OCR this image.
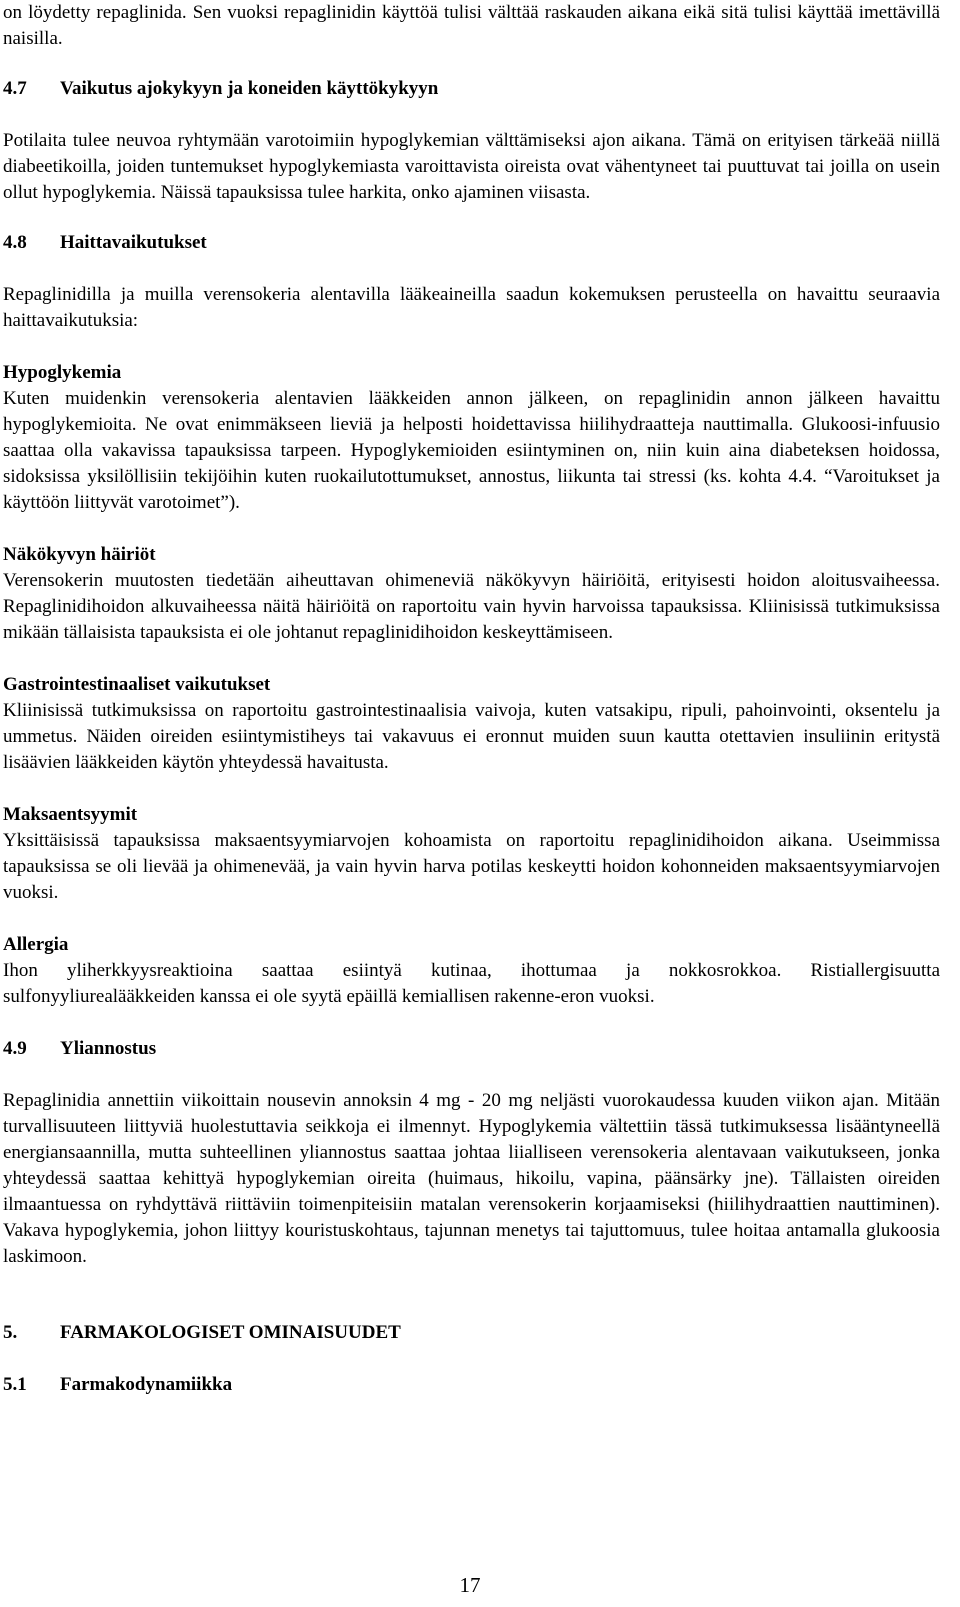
on löydetty repaglinida. Sen vuoksi repaglinidin käyttöä tulisi välttää raskauden aikana eikä sitä tulisi käyttää imettävillä naisilla.

4.7	Vaikutus ajokykyyn ja koneiden käyttökykyyn

Potilaita tulee neuvoa ryhtymään varotoimiin hypoglykemian välttämiseksi ajon aikana. Tämä on erityisen tärkeää niillä diabeetikoilla, joiden tuntemukset hypoglykemiasta varoittavista oireista ovat vähentyneet tai puuttuvat tai joilla on usein ollut hypoglykemia. Näissä tapauksissa tulee harkita, onko ajaminen viisasta.

4.8	Haittavaikutukset

Repaglinidilla ja muilla verensokeria alentavilla lääkeaineilla saadun kokemuksen perusteella on havaittu seuraavia haittavaikutuksia:

Hypoglykemia

Kuten muidenkin verensokeria alentavien lääkkeiden annon jälkeen, on repaglinidin annon jälkeen havaittu hypoglykemioita. Ne ovat enimmäkseen lieviä ja helposti hoidettavissa hiilihydraatteja nauttimalla. Glukoosi-infuusio saattaa olla vakavissa tapauksissa tarpeen. Hypoglykemioiden esiintyminen on, niin kuin aina diabeteksen hoidossa, sidoksissa yksilöllisiin tekijöihin kuten ruokailutottumukset, annostus, liikunta tai stressi (ks. kohta 4.4. “Varoitukset ja käyttöön liittyvät varotoimet”).

Näkökyvyn häiriöt

Verensokerin muutosten tiedetään aiheuttavan ohimeneviä näkökyvyn häiriöitä, erityisesti hoidon aloitusvaiheessa. Repaglinidihoidon alkuvaiheessa näitä häiriöitä on raportoitu vain hyvin harvoissa tapauksissa. Kliinisissä tutkimuksissa mikään tällaisista tapauksista ei ole johtanut repaglinidihoidon keskeyttämiseen.

Gastrointestinaaliset vaikutukset

Kliinisissä tutkimuksissa on raportoitu gastrointestinaalisia vaivoja, kuten vatsakipu, ripuli, pahoinvointi, oksentelu ja ummetus. Näiden oireiden esiintymistiheys tai vakavuus ei eronnut muiden suun kautta otettavien insuliinin eritystä lisäävien lääkkeiden käytön yhteydessä havaitusta.

Maksaentsyymit

Yksittäisissä tapauksissa maksaentsyymiarvojen kohoamista on raportoitu repaglinidihoidon aikana. Useimmissa tapauksissa se oli lievää ja ohimenevää, ja vain hyvin harva potilas keskeytti hoidon kohonneiden maksaentsyymiarvojen vuoksi.

Allergia

Ihon yliherkkyysreaktioina saattaa esiintyä kutinaa, ihottumaa ja nokkosrokkoa. Ristiallergisuutta sulfonyyliurealääkkeiden kanssa ei ole syytä epäillä kemiallisen rakenne-eron vuoksi.

4.9	Yliannostus

Repaglinidia annettiin viikoittain nousevin annoksin 4 mg - 20 mg neljästi vuorokaudessa kuuden viikon ajan. Mitään turvallisuuteen liittyviä huolestuttavia seikkoja ei ilmennyt. Hypoglykemia vältettiin tässä tutkimuksessa lisääntyneellä energiansaannilla, mutta suhteellinen yliannostus saattaa johtaa liialliseen verensokeria alentavaan vaikutukseen, jonka yhteydessä saattaa kehittyä hypoglykemian oireita (huimaus, hikoilu, vapina, päänsärky jne). Tällaisten oireiden ilmaantuessa on ryhdyttävä riittäviin toimenpiteisiin matalan verensokerin korjaamiseksi (hiilihydraattien nauttiminen). Vakava hypoglykemia, johon liittyy kouristuskohtaus, tajunnan menetys tai tajuttomuus, tulee hoitaa antamalla glukoosia laskimoon.

5.	FARMAKOLOGISET OMINAISUUDET
5.1	Farmakodynamiikka
17
